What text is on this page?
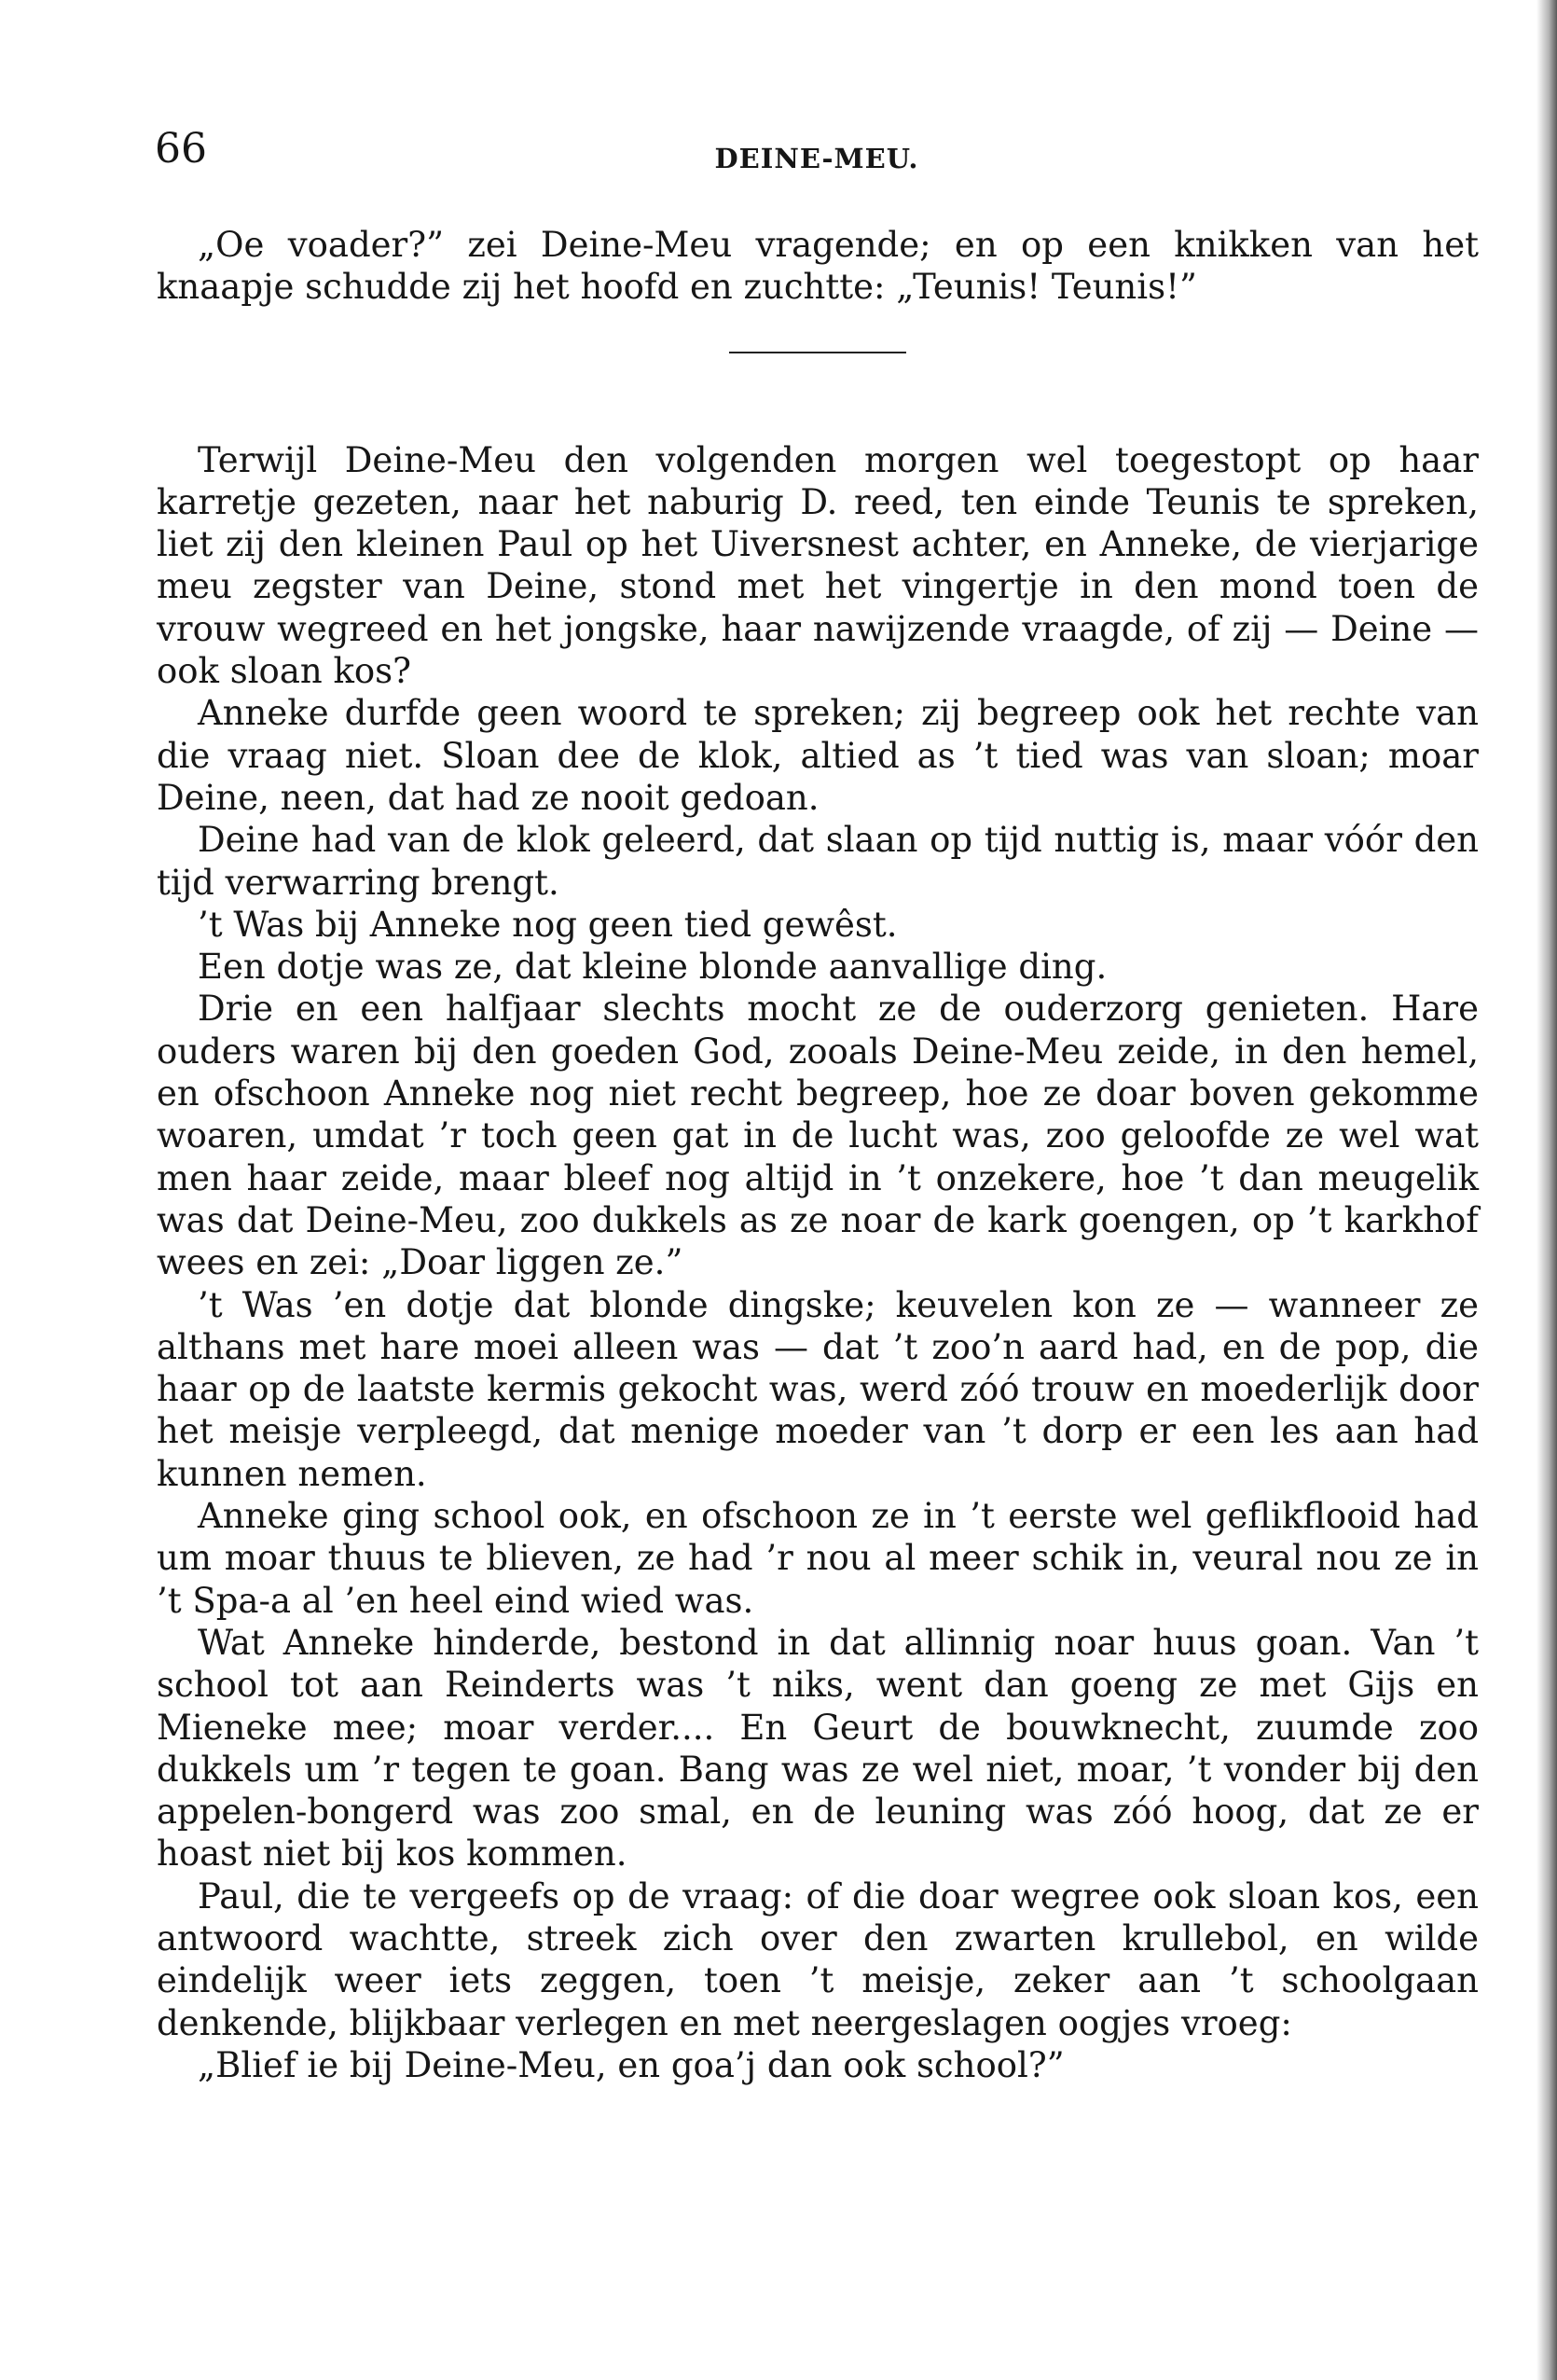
66	DEINE-MEU.

„Oe voader?” zei Deine-Meu vragende; en op een knikken van het knaapje schudde zij het hoofd en zuchtte: „Teunis! Teunis!”

Terwijl Deine-Meu den volgenden morgen wel toegestopt op haar karretje gezeten, naar het naburig D. reed, ten einde Teunis te spreken, liet zij den kleinen Paul op het Uiversnest achter, en Anneke, de vierjarige meu zegster van Deine, stond met het vingertje in den mond toen de vrouw wegreed en het jongske, haar nawijzende vraagde, of zij — Deine — ook sloan kos?

Anneke durfde geen woord te spreken; zij begreep ook het rechte van die vraag niet. Sloan dee de klok, altied as ’t tied was van sloan; moar Deine, neen, dat had ze nooit gedoan.

Deine had van de klok geleerd, dat slaan op tijd nuttig is, maar vóór den tijd verwarring brengt.

’t Was bij Anneke nog geen tied gewêst.

Een dotje was ze, dat kleine blonde aanvallige ding.

Drie en een halfjaar slechts mocht ze de ouderzorg genieten. Hare ouders waren bij den goeden God, zooals Deine-Meu zeide, in den hemel, en ofschoon Anneke nog niet recht begreep, hoe ze doar boven gekomme woaren, umdat ’r toch geen gat in de lucht was, zoo geloofde ze wel wat men haar zeide, maar bleef nog altijd in ’t onzekere, hoe ’t dan meugelik was dat Deine-Meu, zoo dukkels as ze noar de kark goengen, op ’t karkhof wees en zei: „Doar liggen ze.”

’t Was ’en dotje dat blonde dingske; keuvelen kon ze — wanneer ze althans met hare moei alleen was — dat ’t zoo’n aard had, en de pop, die haar op de laatste kermis gekocht was, werd zóó trouw en moederlijk door het meisje verpleegd, dat menige moeder van ’t dorp er een les aan had kunnen nemen.

Anneke ging school ook, en ofschoon ze in ’t eerste wel geflikflooid had um moar thuus te blieven, ze had ’r nou al meer schik in, veural nou ze in ’t Spa-a al ’en heel eind wied was.

Wat Anneke hinderde, bestond in dat allinnig noar huus goan. Van ’t school tot aan Reinderts was ’t niks, went dan goeng ze met Gijs en Mieneke mee; moar verder.... En Geurt de bouwknecht, zuumde zoo dukkels um ’r tegen te goan. Bang was ze wel niet, moar, ’t vonder bij den appelen-bongerd was zoo smal, en de leuning was zóó hoog, dat ze er hoast niet bij kos kommen.

Paul, die te vergeefs op de vraag: of die doar wegree ook sloan kos, een antwoord wachtte, streek zich over den zwarten krullebol, en wilde eindelijk weer iets zeggen, toen ’t meisje, zeker aan ’t schoolgaan denkende, blijkbaar verlegen en met neergeslagen oogjes vroeg:

„Blief ie bij Deine-Meu, en goa’j dan ook school?”
